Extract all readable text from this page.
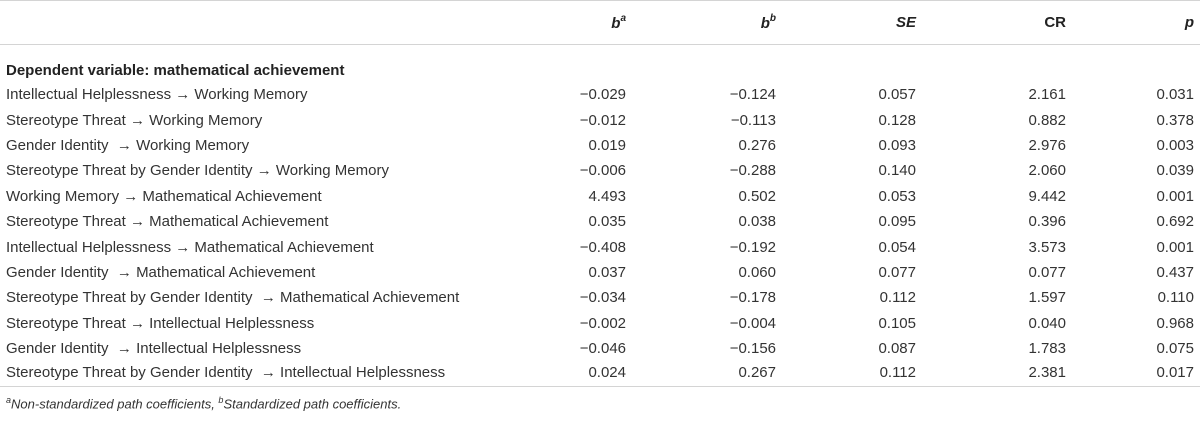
	$b^a$	$b^b$	SE	CR	p
Dependent variable: mathematical achievement					
Intellectual Helplessness → Working Memory	−0.029	−0.124	0.057	2.161	0.031
Stereotype Threat → Working Memory	−0.012	−0.113	0.128	0.882	0.378
Gender Identity  → Working Memory	0.019	0.276	0.093	2.976	0.003
Stereotype Threat by Gender Identity → Working Memory	−0.006	−0.288	0.140	2.060	0.039
Working Memory → Mathematical Achievement	4.493	0.502	0.053	9.442	0.001
Stereotype Threat → Mathematical Achievement	0.035	0.038	0.095	0.396	0.692
Intellectual Helplessness → Mathematical Achievement	−0.408	−0.192	0.054	3.573	0.001
Gender Identity  → Mathematical Achievement	0.037	0.060	0.077	0.077	0.437
Stereotype Threat by Gender Identity  → Mathematical Achievement	−0.034	−0.178	0.112	1.597	0.110
Stereotype Threat → Intellectual Helplessness	−0.002	−0.004	0.105	0.040	0.968
Gender Identity  → Intellectual Helplessness	−0.046	−0.156	0.087	1.783	0.075
Stereotype Threat by Gender Identity  → Intellectual Helplessness	0.024	0.267	0.112	2.381	0.017
$^a$Non-standardized path coefficients, $^b$Standardized path coefficients.
